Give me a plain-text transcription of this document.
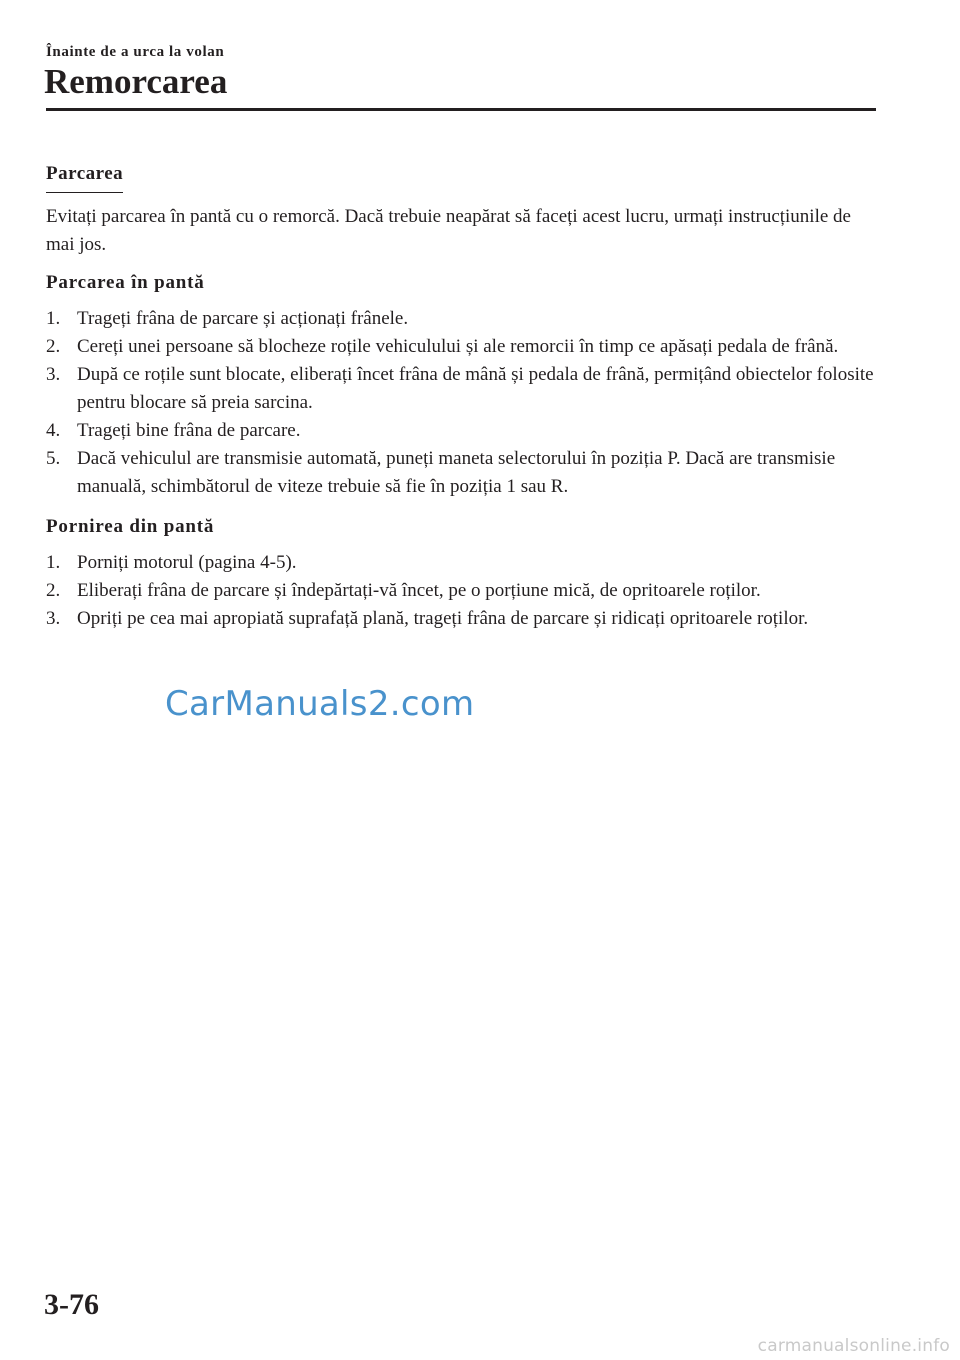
Înainte de a urca la volan
Remorcarea
Parcarea

Evitați parcarea în pantă cu o remorcă. Dacă trebuie neapărat să faceți acest lucru, urmați instrucțiunile de mai jos.

Parcarea în pantă

1. Trageți frâna de parcare și acționați frânele.
2. Cereți unei persoane să blocheze roțile vehiculului și ale remorcii în timp ce apăsați pedala de frână.
3. După ce roțile sunt blocate, eliberați încet frâna de mână și pedala de frână, permițând obiectelor folosite pentru blocare să preia sarcina.
4. Trageți bine frâna de parcare.
5. Dacă vehiculul are transmisie automată, puneți maneta selectorului în poziția P. Dacă are transmisie manuală, schimbătorul de viteze trebuie să fie în poziția 1 sau R.

Pornirea din pantă

1. Porniți motorul (pagina 4-5).
2. Eliberați frâna de parcare și îndepărtați-vă încet, pe o porțiune mică, de opritoarele roților.
3. Opriți pe cea mai apropiată suprafață plană, trageți frâna de parcare și ridicați opritoarele roților.
CarManuals2.com
3-76
carmanualsonline.info
